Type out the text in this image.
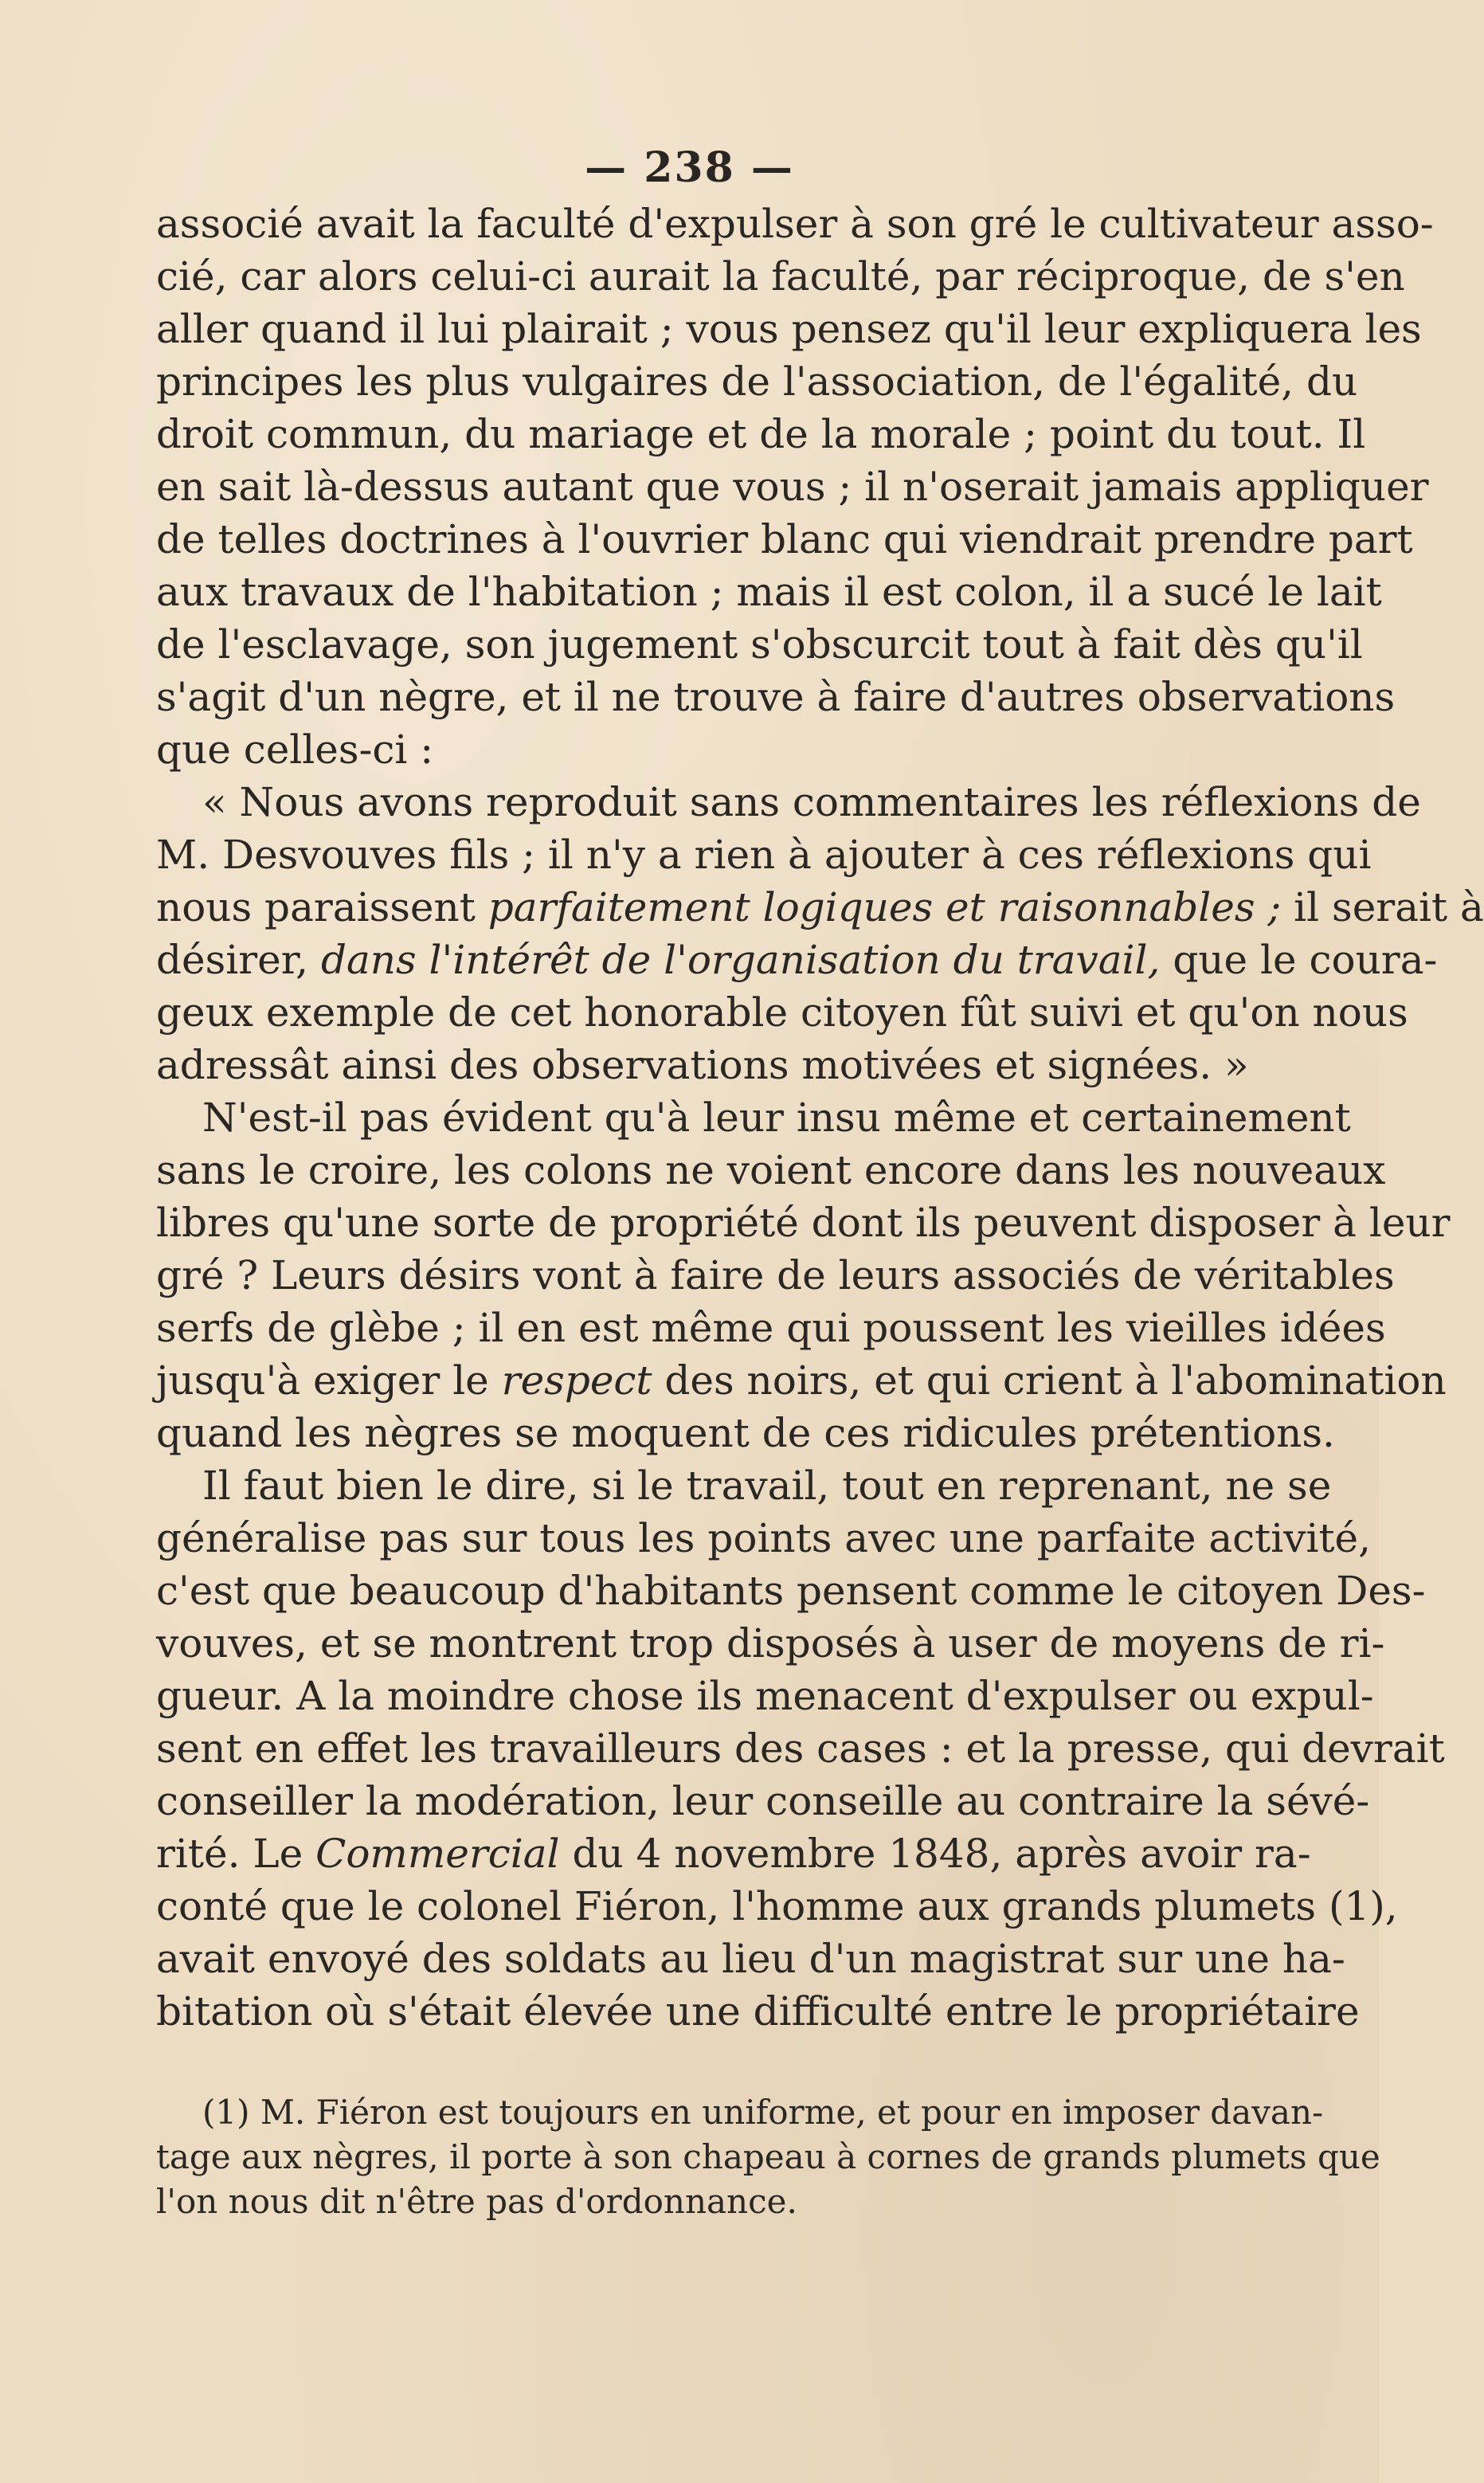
— 238 —
associé avait la faculté d'expulser à son gré le cultivateur asso-
cié, car alors celui-ci aurait la faculté, par réciproque, de s'en
aller quand il lui plairait ; vous pensez qu'il leur expliquera les
principes les plus vulgaires de l'association, de l'égalité, du
droit commun, du mariage et de la morale ; point du tout. Il
en sait là-dessus autant que vous ; il n'oserait jamais appliquer
de telles doctrines à l'ouvrier blanc qui viendrait prendre part
aux travaux de l'habitation ; mais il est colon, il a sucé le lait
de l'esclavage, son jugement s'obscurcit tout à fait dès qu'il
s'agit d'un nègre, et il ne trouve à faire d'autres observations
que celles-ci :
« Nous avons reproduit sans commentaires les réflexions de
M. Desvouves fils ; il n'y a rien à ajouter à ces réflexions qui
nous paraissent parfaitement logiques et raisonnables ; il serait à
désirer, dans l'intérêt de l'organisation du travail, que le coura-
geux exemple de cet honorable citoyen fût suivi et qu'on nous
adressât ainsi des observations motivées et signées. »
N'est-il pas évident qu'à leur insu même et certainement
sans le croire, les colons ne voient encore dans les nouveaux
libres qu'une sorte de propriété dont ils peuvent disposer à leur
gré ? Leurs désirs vont à faire de leurs associés de véritables
serfs de glèbe ; il en est même qui poussent les vieilles idées
jusqu'à exiger le respect des noirs, et qui crient à l'abomination
quand les nègres se moquent de ces ridicules prétentions.
Il faut bien le dire, si le travail, tout en reprenant, ne se
généralise pas sur tous les points avec une parfaite activité,
c'est que beaucoup d'habitants pensent comme le citoyen Des-
vouves, et se montrent trop disposés à user de moyens de ri-
gueur. A la moindre chose ils menacent d'expulser ou expul-
sent en effet les travailleurs des cases : et la presse, qui devrait
conseiller la modération, leur conseille au contraire la sévé-
rité. Le Commercial du 4 novembre 1848, après avoir ra-
conté que le colonel Fiéron, l'homme aux grands plumets (1),
avait envoyé des soldats au lieu d'un magistrat sur une ha-
bitation où s'était élevée une difficulté entre le propriétaire
(1) M. Fiéron est toujours en uniforme, et pour en imposer davan-
tage aux nègres, il porte à son chapeau à cornes de grands plumets que
l'on nous dit n'être pas d'ordonnance.
